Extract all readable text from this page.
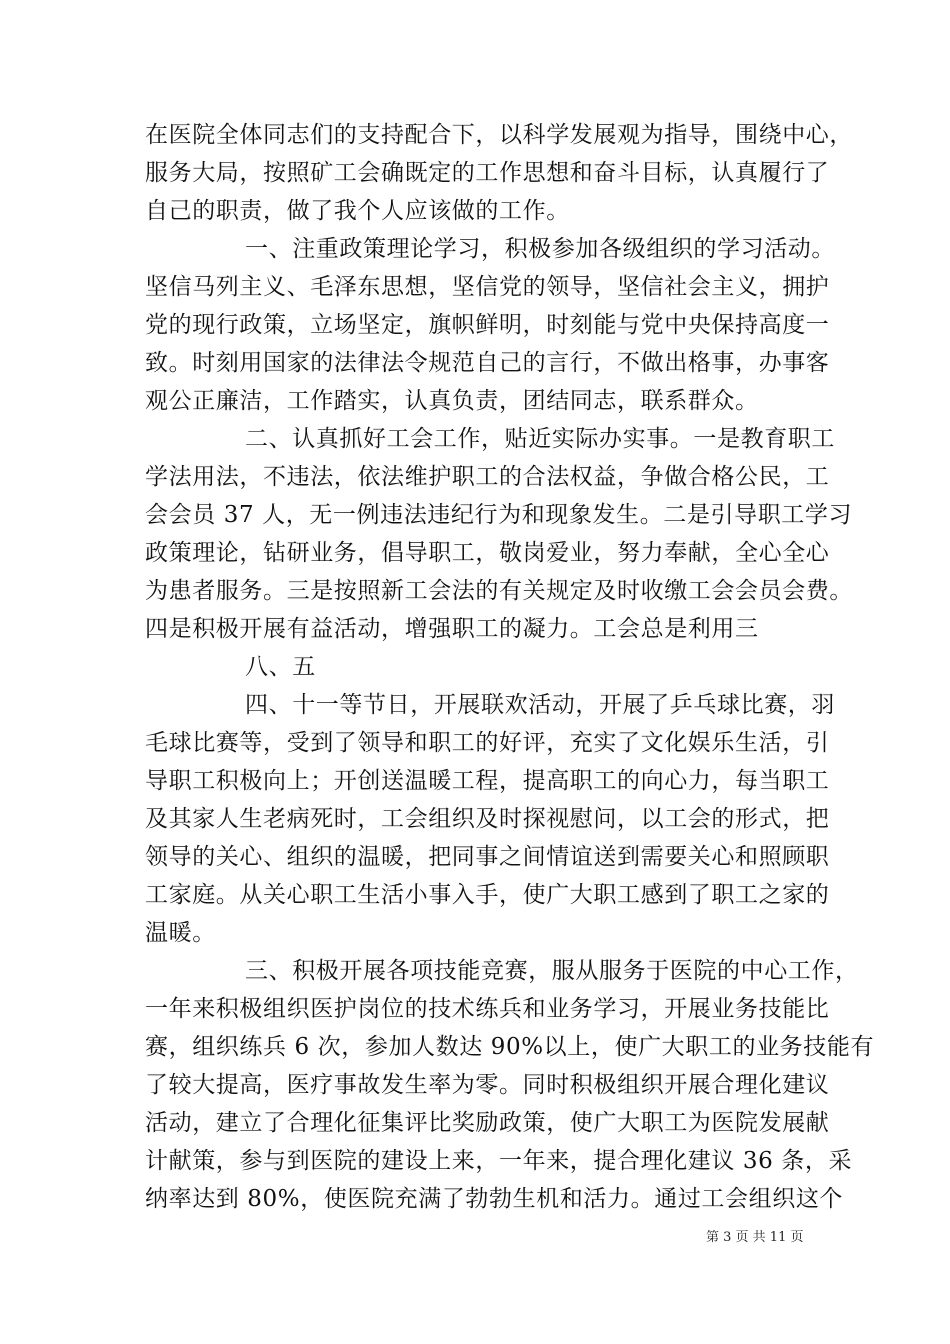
在医院全体同志们的支持配合下，以科学发展观为指导，围绕中心，
服务大局，按照矿工会确既定的工作思想和奋斗目标，认真履行了
自己的职责，做了我个人应该做的工作。
一、注重政策理论学习，积极参加各级组织的学习活动。
坚信马列主义、毛泽东思想，坚信党的领导，坚信社会主义，拥护
党的现行政策，立场坚定，旗帜鲜明，时刻能与党中央保持高度一
致。时刻用国家的法律法令规范自己的言行，不做出格事，办事客
观公正廉洁，工作踏实，认真负责，团结同志，联系群众。
二、认真抓好工会工作，贴近实际办实事。一是教育职工
学法用法，不违法，依法维护职工的合法权益，争做合格公民，工
会会员 37 人，无一例违法违纪行为和现象发生。二是引导职工学习
政策理论，钻研业务，倡导职工，敬岗爱业，努力奉献，全心全心
为患者服务。三是按照新工会法的有关规定及时收缴工会会员会费。
四是积极开展有益活动，增强职工的凝力。工会总是利用三
八、五
四、十一等节日，开展联欢活动，开展了乒乓球比赛，羽
毛球比赛等，受到了领导和职工的好评，充实了文化娱乐生活，引
导职工积极向上；开创送温暖工程，提高职工的向心力，每当职工
及其家人生老病死时，工会组织及时探视慰问，以工会的形式，把
领导的关心、组织的温暖，把同事之间情谊送到需要关心和照顾职
工家庭。从关心职工生活小事入手，使广大职工感到了职工之家的
温暖。
三、积极开展各项技能竞赛，服从服务于医院的中心工作，
一年来积极组织医护岗位的技术练兵和业务学习，开展业务技能比
赛，组织练兵 6 次，参加人数达 90%以上，使广大职工的业务技能有
了较大提高，医疗事故发生率为零。同时积极组织开展合理化建议
活动，建立了合理化征集评比奖励政策，使广大职工为医院发展献
计献策，参与到医院的建设上来，一年来，提合理化建议 36 条，采
纳率达到 80%，使医院充满了勃勃生机和活力。通过工会组织这个
第 3 页 共 11 页
